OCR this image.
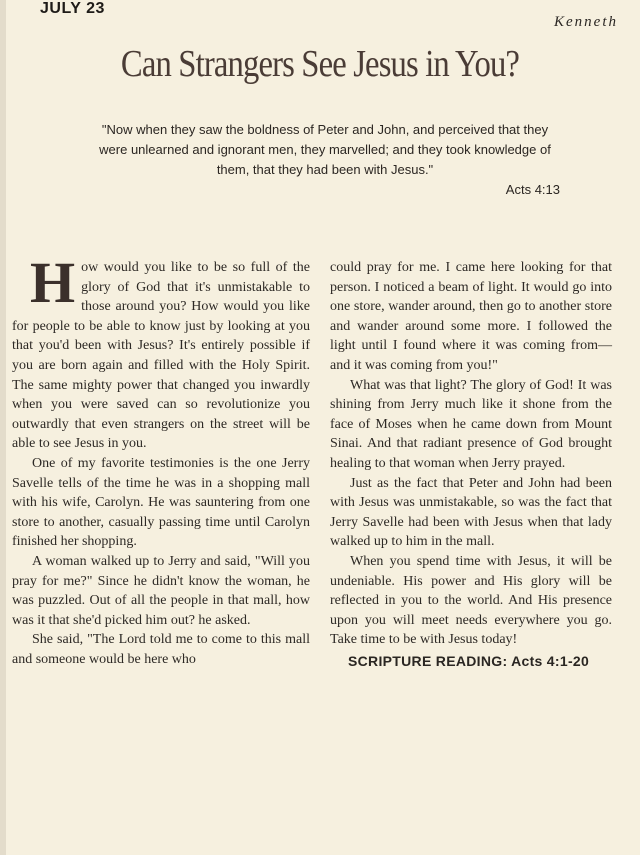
JULY 23
Kenneth
Can Strangers See Jesus in You?
"Now when they saw the boldness of Peter and John, and perceived that they were unlearned and ignorant men, they marvelled; and they took knowledge of them, that they had been with Jesus."
Acts 4:13

How would you like to be so full of the glory of God that it's unmistakable to those around you? How would you like for people to be able to know just by looking at you that you'd been with Jesus? It's entirely possible if you are born again and filled with the Holy Spirit. The same mighty power that changed you inwardly when you were saved can so revolutionize you outwardly that even strangers on the street will be able to see Jesus in you.

One of my favorite testimonies is the one Jerry Savelle tells of the time he was in a shopping mall with his wife, Carolyn. He was sauntering from one store to another, casually passing time until Carolyn finished her shopping.

A woman walked up to Jerry and said, "Will you pray for me?" Since he didn't know the woman, he was puzzled. Out of all the people in that mall, how was it that she'd picked him out? he asked.

She said, "The Lord told me to come to this mall and someone would be here who

could pray for me. I came here looking for that person. I noticed a beam of light. It would go into one store, wander around, then go to another store and wander around some more. I followed the light until I found where it was coming from—and it was coming from you!"

What was that light? The glory of God! It was shining from Jerry much like it shone from the face of Moses when he came down from Mount Sinai. And that radiant presence of God brought healing to that woman when Jerry prayed.

Just as the fact that Peter and John had been with Jesus was unmistakable, so was the fact that Jerry Savelle had been with Jesus when that lady walked up to him in the mall.

When you spend time with Jesus, it will be undeniable. His power and His glory will be reflected in you to the world. And His presence upon you will meet needs everywhere you go. Take time to be with Jesus today!

SCRIPTURE READING: Acts 4:1-20
